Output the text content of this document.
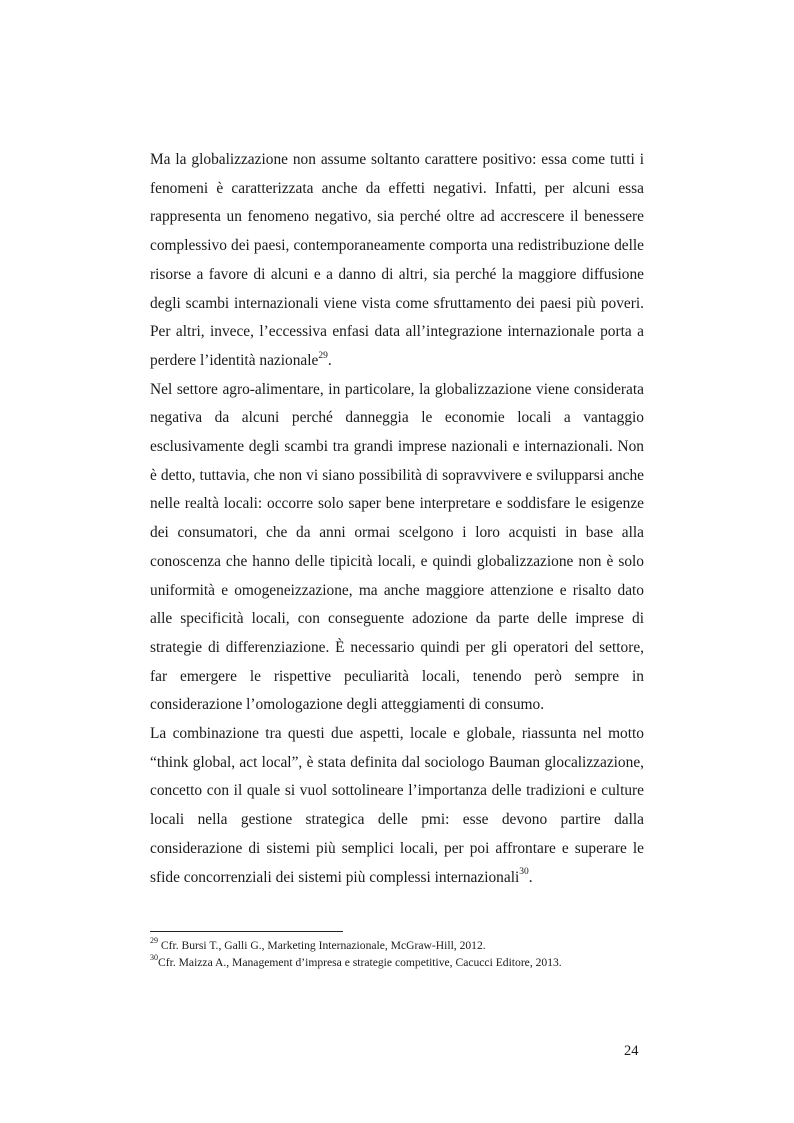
Ma la globalizzazione non assume soltanto carattere positivo: essa come tutti i fenomeni è caratterizzata anche da effetti negativi. Infatti, per alcuni essa rappresenta un fenomeno negativo, sia perché oltre ad accrescere il benessere complessivo dei paesi, contemporaneamente comporta una redistribuzione delle risorse a favore di alcuni e a danno di altri, sia perché la maggiore diffusione degli scambi internazionali viene vista come sfruttamento dei paesi più poveri. Per altri, invece, l’eccessiva enfasi data all’integrazione internazionale porta a perdere l’identità nazionale$^{29}$.

Nel settore agro-alimentare, in particolare, la globalizzazione viene considerata negativa da alcuni perché danneggia le economie locali a vantaggio esclusivamente degli scambi tra grandi imprese nazionali e internazionali. Non è detto, tuttavia, che non vi siano possibilità di sopravvivere e svilupparsi anche nelle realtà locali: occorre solo saper bene interpretare e soddisfare le esigenze dei consumatori, che da anni ormai scelgono i loro acquisti in base alla conoscenza che hanno delle tipicità locali, e quindi globalizzazione non è solo uniformità e omogeneizzazione, ma anche maggiore attenzione e risalto dato alle specificità locali, con conseguente adozione da parte delle imprese di strategie di differenziazione. È necessario quindi per gli operatori del settore, far emergere le rispettive peculiarità locali, tenendo però sempre in considerazione l’omologazione degli atteggiamenti di consumo.

La combinazione tra questi due aspetti, locale e globale, riassunta nel motto “think global, act local”, è stata definita dal sociologo Bauman glocalizzazione, concetto con il quale si vuol sottolineare l’importanza delle tradizioni e culture locali nella gestione strategica delle pmi: esse devono partire dalla considerazione di sistemi più semplici locali, per poi affrontare e superare le sfide concorrenziali dei sistemi più complessi internazionali$^{30}$.

$^{29}$ Cfr. Bursi T., Galli G., Marketing Internazionale, McGraw-Hill, 2012.
$^{30}$Cfr. Maizza A., Management d’impresa e strategie competitive, Cacucci Editore, 2013.
24
